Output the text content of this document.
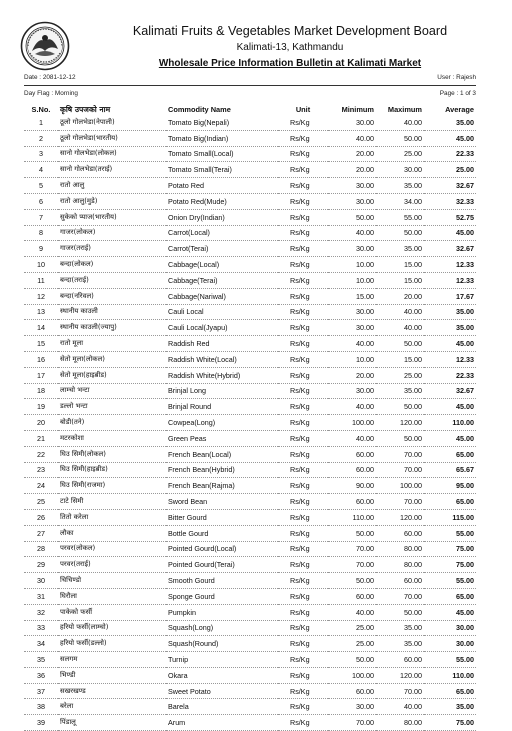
Kalimati Fruits & Vegetables Market Development Board
Kalimati-13, Kathmandu
Wholesale Price Information Bulletin at Kalimati Market
Date : 2081-12-12	User : Rajesh
Day Flag : Morning	Page : 1 of 3
S.No.	कृषि उपजको नाम	Commodity Name	Unit	Minimum	Maximum	Average
1	ठूलो गोलभेडा(नेपाली)	Tomato Big(Nepali)	Rs/Kg	30.00	40.00	35.00
2	ठूलो गोलभेडा(भारतीय)	Tomato Big(Indian)	Rs/Kg	40.00	50.00	45.00
3	सानो गोलभेडा(लोकल)	Tomato Small(Local)	Rs/Kg	20.00	25.00	22.33
4	सानो गोलभेडा(तराई)	Tomato Small(Terai)	Rs/Kg	20.00	30.00	25.00
5	रातो आलु	Potato Red	Rs/Kg	30.00	35.00	32.67
6	रातो आलु(मुडे)	Potato Red(Mude)	Rs/Kg	30.00	34.00	32.33
7	सुकेको प्याज(भारतीय)	Onion Dry(Indian)	Rs/Kg	50.00	55.00	52.75
8	गाजर(लोकल)	Carrot(Local)	Rs/Kg	40.00	50.00	45.00
9	गाजर(तराई)	Carrot(Terai)	Rs/Kg	30.00	35.00	32.67
10	बन्दा(लोकल)	Cabbage(Local)	Rs/Kg	10.00	15.00	12.33
11	बन्दा(तराई)	Cabbage(Terai)	Rs/Kg	10.00	15.00	12.33
12	बन्दा(नरिवल)	Cabbage(Nariwal)	Rs/Kg	15.00	20.00	17.67
13	स्थानीय काउली	Cauli Local	Rs/Kg	30.00	40.00	35.00
14	स्थानीय काउली(ज्यापु)	Cauli Local(Jyapu)	Rs/Kg	30.00	40.00	35.00
15	रातो मूला	Raddish Red	Rs/Kg	40.00	50.00	45.00
16	सेतो मूला(लोकल)	Raddish White(Local)	Rs/Kg	10.00	15.00	12.33
17	सेतो मूला(हाइब्रीड)	Raddish White(Hybrid)	Rs/Kg	20.00	25.00	22.33
18	लाम्चो भन्टा	Brinjal Long	Rs/Kg	30.00	35.00	32.67
19	डल्लो भन्टा	Brinjal Round	Rs/Kg	40.00	50.00	45.00
20	बोडी(तने)	Cowpea(Long)	Rs/Kg	100.00	120.00	110.00
21	मटरकोशा	Green Peas	Rs/Kg	40.00	50.00	45.00
22	घिउ सिमी(लोकल)	French Bean(Local)	Rs/Kg	60.00	70.00	65.00
23	घिउ सिमी(हाइब्रीड)	French Bean(Hybrid)	Rs/Kg	60.00	70.00	65.67
24	घिउ सिमी(राजमा)	French Bean(Rajma)	Rs/Kg	90.00	100.00	95.00
25	टाटे सिमी	Sword Bean	Rs/Kg	60.00	70.00	65.00
26	तितो करेला	Bitter Gourd	Rs/Kg	110.00	120.00	115.00
27	लौका	Bottle Gourd	Rs/Kg	50.00	60.00	55.00
28	परवर(लोकल)	Pointed Gourd(Local)	Rs/Kg	70.00	80.00	75.00
29	परवर(तराई)	Pointed Gourd(Terai)	Rs/Kg	70.00	80.00	75.00
30	चिचिण्डो	Smooth Gourd	Rs/Kg	50.00	60.00	55.00
31	घिरौला	Sponge Gourd	Rs/Kg	60.00	70.00	65.00
32	पाकेको फर्सी	Pumpkin	Rs/Kg	40.00	50.00	45.00
33	हरियो फर्सी(लाम्चो)	Squash(Long)	Rs/Kg	25.00	35.00	30.00
34	हरियो फर्सी(डल्लो)	Squash(Round)	Rs/Kg	25.00	35.00	30.00
35	सलगम	Turnip	Rs/Kg	50.00	60.00	55.00
36	भिण्डी	Okara	Rs/Kg	100.00	120.00	110.00
37	सखरखण्ड	Sweet Potato	Rs/Kg	60.00	70.00	65.00
38	बरेला	Barela	Rs/Kg	30.00	40.00	35.00
39	पिंडालू	Arum	Rs/Kg	70.00	80.00	75.00
